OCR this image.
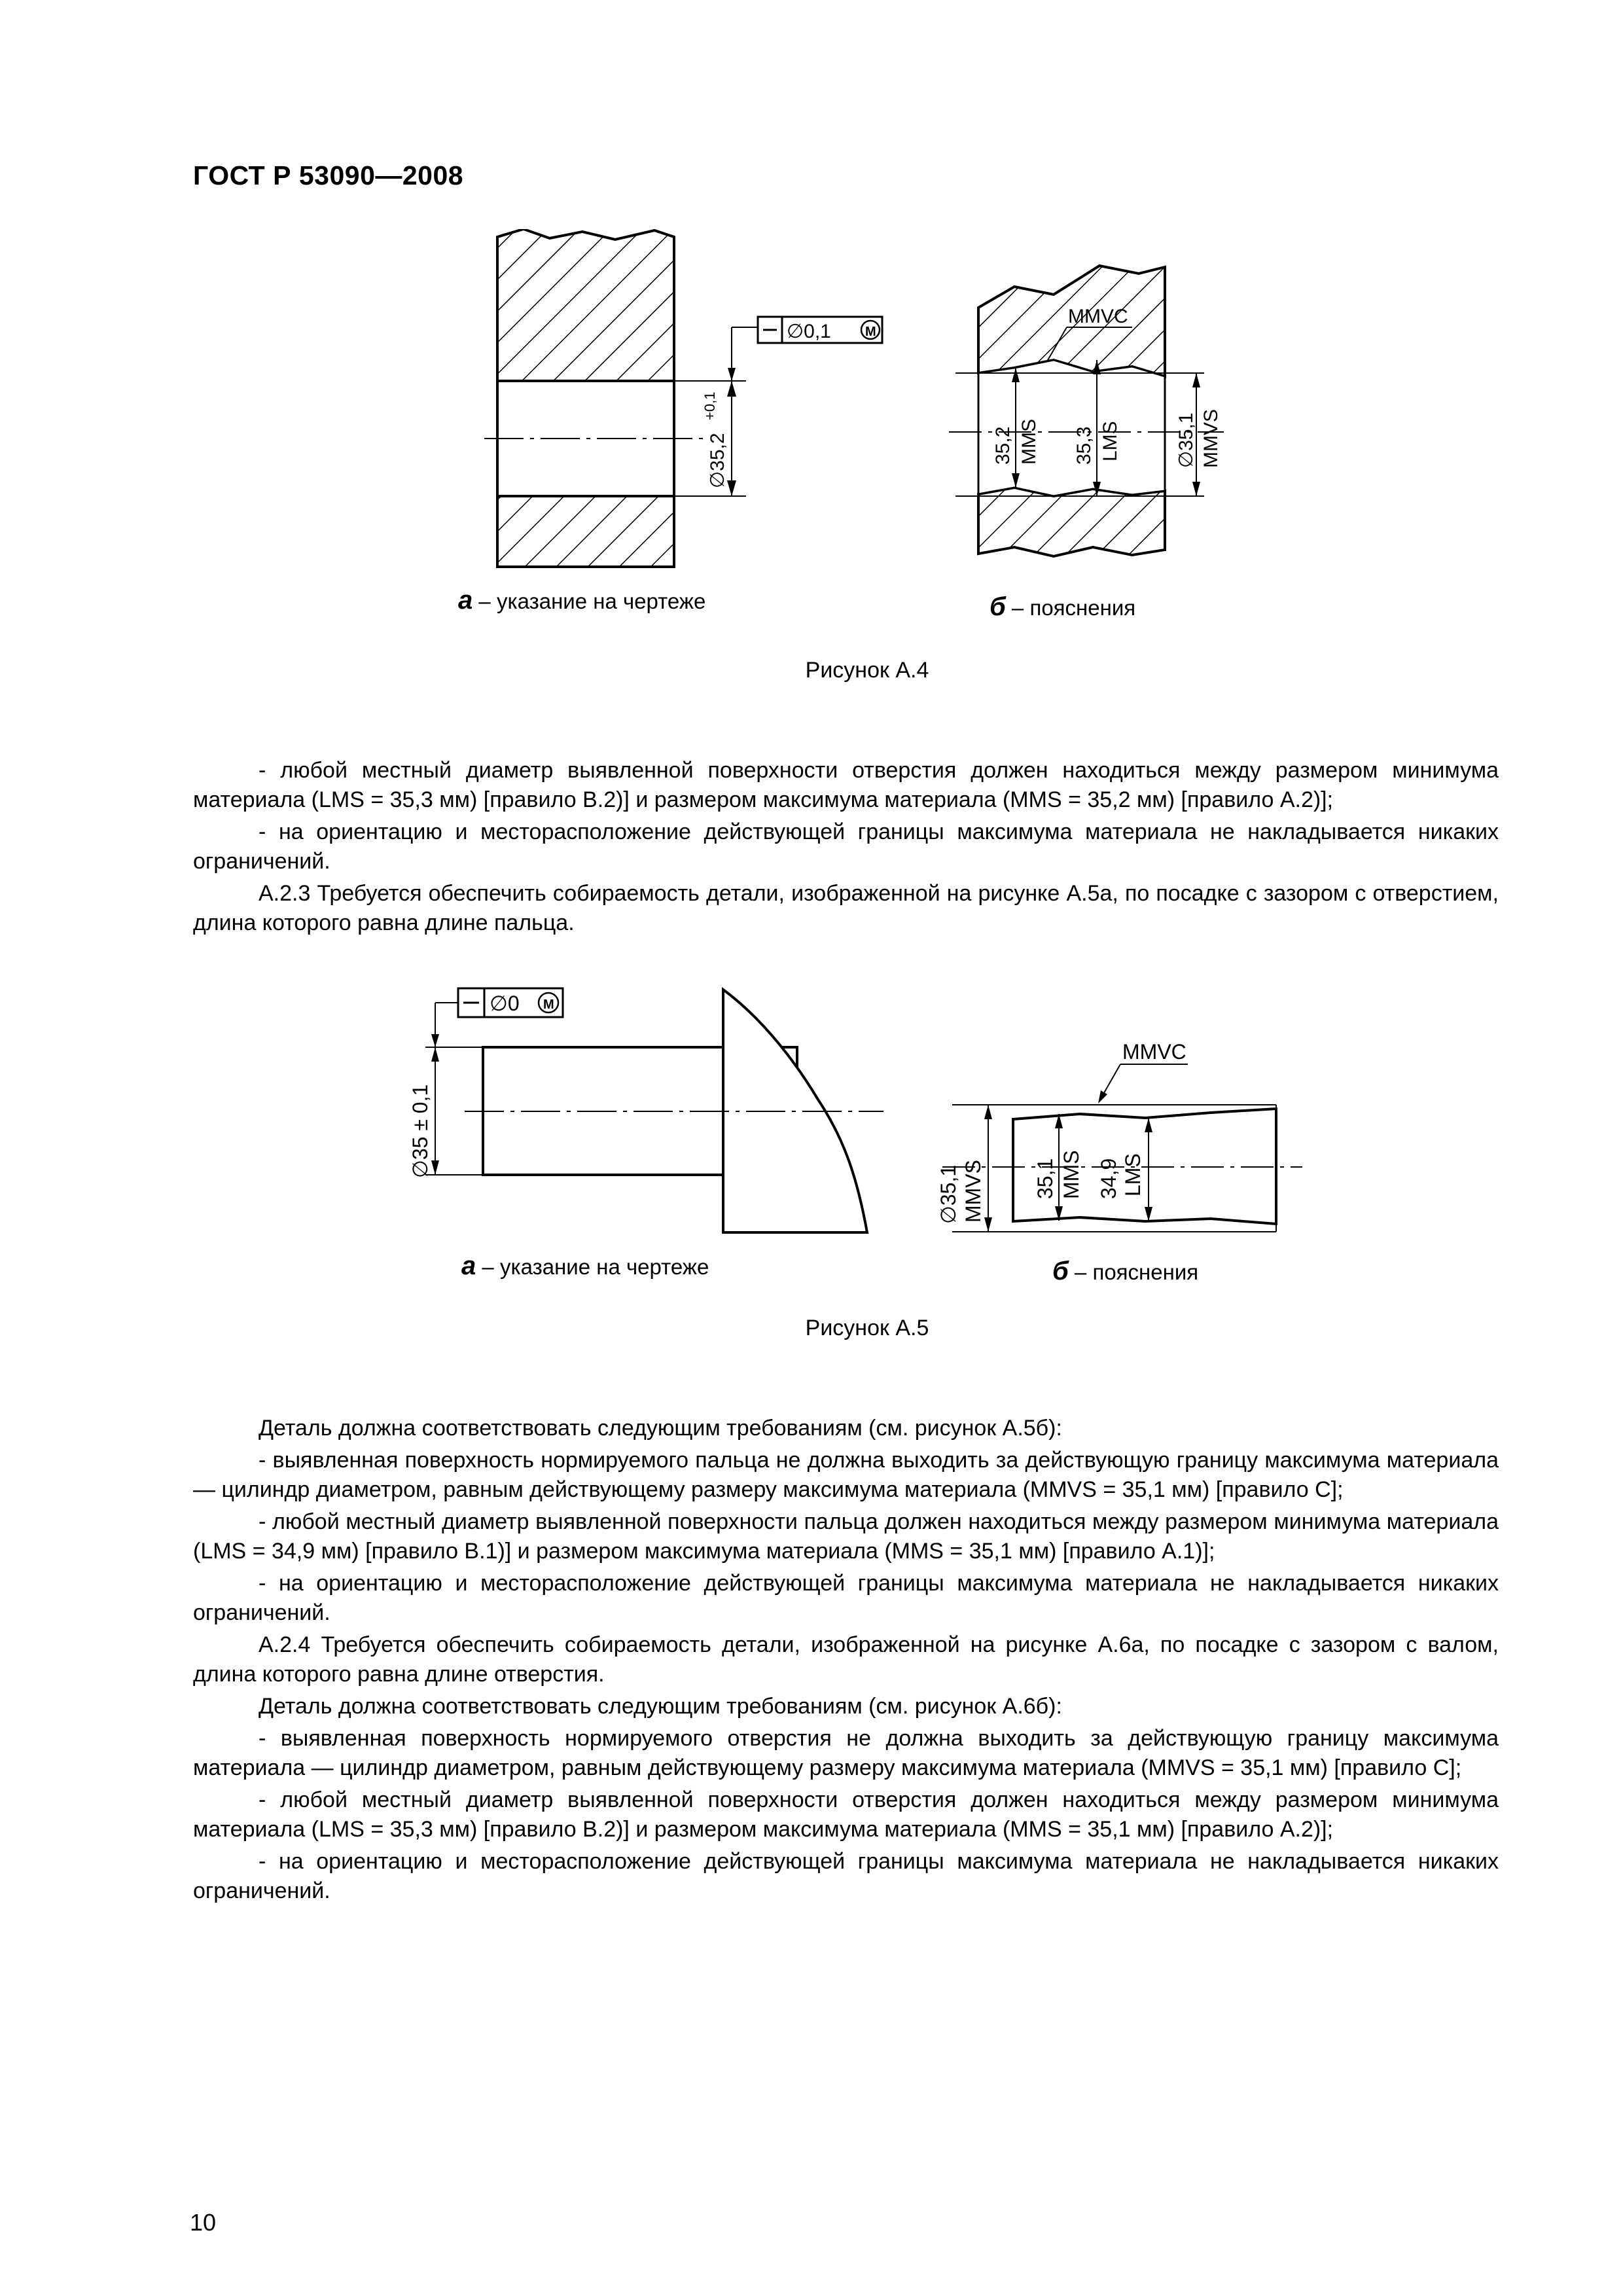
ГОСТ Р 53090—2008
∅0,1	M
∅35,2
+0,1
MMVC
35,2 MMS 35,3 LMS	∅35,1 MMVS
а – указание на чертеже	б – пояснения
Рисунок А.4

- любой местный диаметр выявленной поверхности отверстия должен находиться между размером минимума материала (LMS = 35,3 мм) [правило В.2)] и размером максимума материала (MMS = 35,2 мм) [правило А.2)];

- на ориентацию и месторасположение действующей границы максимума материала не накладывается никаких ограничений.

А.2.3 Требуется обеспечить собираемость детали, изображенной на рисунке А.5а, по посадке с зазором с отверстием, длина которого равна длине пальца.

∅0 M
∅35 ± 0,1
MMVC
∅35,1 MMVS 35,1 MMS 34,9 LMS
а – указание на чертеже	б – пояснения
Рисунок А.5

Деталь должна соответствовать следующим требованиям (см. рисунок А.5б):

- выявленная поверхность нормируемого пальца не должна выходить за действующую границу максимума материала — цилиндр диаметром, равным действующему размеру максимума материала (MMVS = 35,1 мм) [правило С];

- любой местный диаметр выявленной поверхности пальца должен находиться между размером минимума материала (LMS = 34,9 мм) [правило В.1)] и размером максимума материала (MMS = 35,1 мм) [правило А.1)];

- на ориентацию и месторасположение действующей границы максимума материала не накладывается никаких ограничений.

А.2.4 Требуется обеспечить собираемость детали, изображенной на рисунке А.6а, по посадке с зазором с валом, длина которого равна длине отверстия.

Деталь должна соответствовать следующим требованиям (см. рисунок А.6б):

- выявленная поверхность нормируемого отверстия не должна выходить за действующую границу максимума материала — цилиндр диаметром, равным действующему размеру максимума материала (MMVS = 35,1 мм) [правило С];

- любой местный диаметр выявленной поверхности отверстия должен находиться между размером минимума материала (LMS = 35,3 мм) [правило В.2)] и размером максимума материала (MMS = 35,1 мм) [правило А.2)];

- на ориентацию и месторасположение действующей границы максимума материала не накладывается никаких ограничений.

10
